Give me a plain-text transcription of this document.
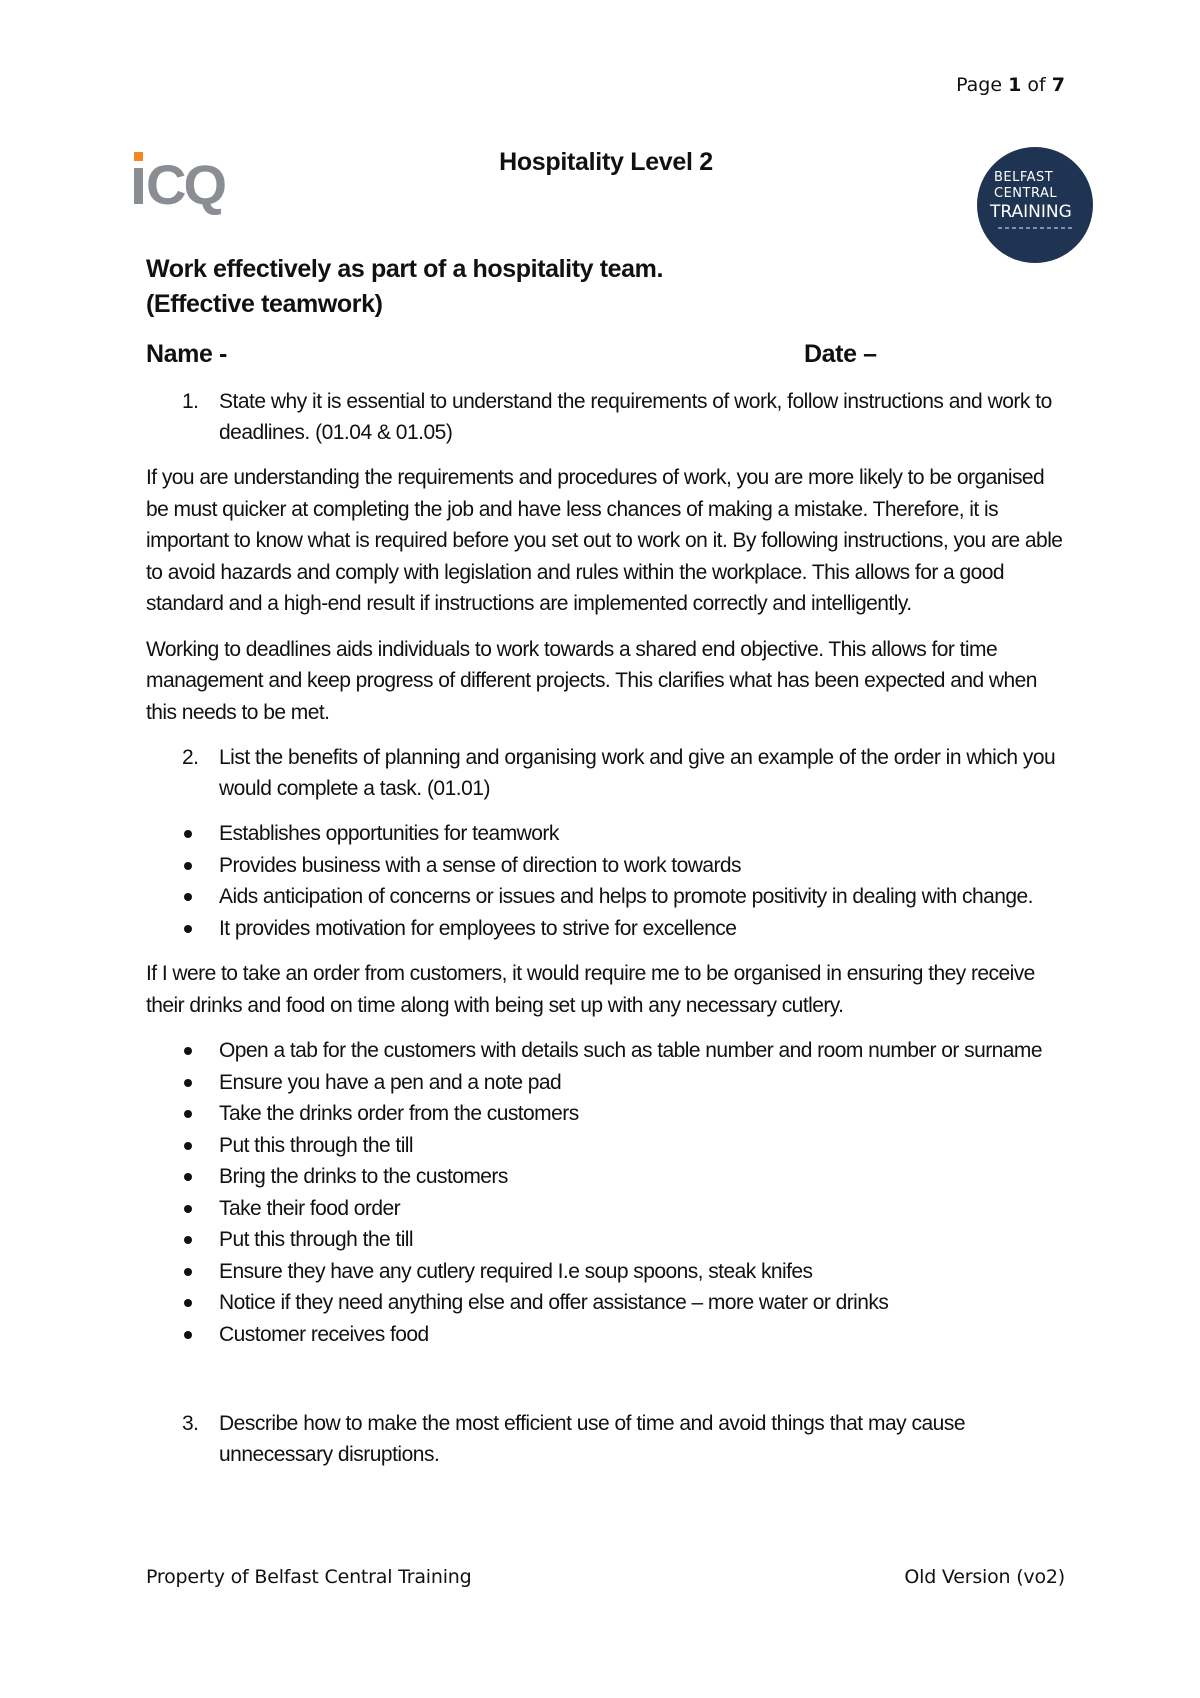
Page 1 of 7
CQ	Hospitality Level 2
BELFAST
CENTRAL
TRAINING
Work effectively as part of a hospitality team.
(Effective teamwork)
Name -	Date –
1. State why it is essential to understand the requirements of work, follow instructions and work to deadlines. (01.04 & 01.05)

If you are understanding the requirements and procedures of work, you are more likely to be organised be must quicker at completing the job and have less chances of making a mistake. Therefore, it is important to know what is required before you set out to work on it. By following instructions, you are able to avoid hazards and comply with legislation and rules within the workplace. This allows for a good standard and a high-end result if instructions are implemented correctly and intelligently.

Working to deadlines aids individuals to work towards a shared end objective. This allows for time management and keep progress of different projects. This clarifies what has been expected and when this needs to be met.

2. List the benefits of planning and organising work and give an example of the order in which you would complete a task. (01.01)
Establishes opportunities for teamwork
Provides business with a sense of direction to work towards
Aids anticipation of concerns or issues and helps to promote positivity in dealing with change.
It provides motivation for employees to strive for excellence

If I were to take an order from customers, it would require me to be organised in ensuring they receive their drinks and food on time along with being set up with any necessary cutlery.

Open a tab for the customers with details such as table number and room number or surname
Ensure you have a pen and a note pad
Take the drinks order from the customers
Put this through the till
Bring the drinks to the customers
Take their food order
Put this through the till
Ensure they have any cutlery required I.e soup spoons, steak knifes
Notice if they need anything else and offer assistance – more water or drinks
Customer receives food
3. Describe how to make the most efficient use of time and avoid things that may cause unnecessary disruptions.
Property of Belfast Central Training	Old Version (vo2)
